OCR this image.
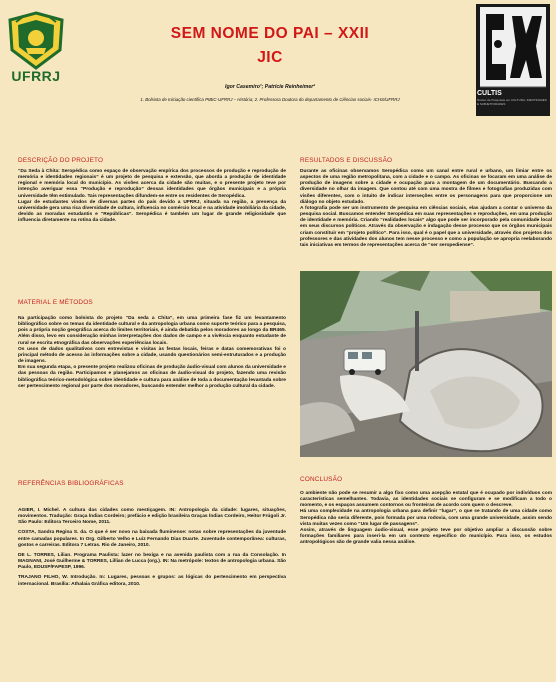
UFRRJ
CULTIS
Núcleo de Pesquisas em CULTURA, IDENTIDADES E SUBJETIVIDADES
SEM NOME DO PAI – XXII
JIC
Igor Casemiro¹; Patrície Reinheimer²
1. Bolsista de Iniciação científica PIBIC-UFRRJ – História; 2. Professora Doutora do departamento de Ciências sociais- ICHS/UFRRJ
DESCRIÇÃO DO PROJETO

“Da Seda à Chita: Seropédica como espaço de observação empírica dos processos de produção e reprodução de memória e identidades regionais” é um projeto de pesquisa e extensão, que aborda a produção de identidade regional e memória local do município. As visões acerca da cidade são muitas, e o presente projeto teve por intenção averiguar essa “Produção e reprodução” dessas identidades que órgãos municipais e a própria universidade têm estimulado. Tais representações difundem-se entre os residentes de Seropédica.

Lugar de estudantes vindos de diversas partes do país devido a UFRRJ, situada na região, a presença da universidade gera uma rica diversidade de cultura, influencia no comércio local e na atividade imobiliária da cidade, devido as moradas estudantis e “Repúblicas”. Seropédica é também um lugar de grande religiosidade que influencia diretamente na rotina da cidade.

MATERIAL E MÉTODOS

Na participação como bolsista do projeto “Da seda a Chita”, em uma primeira fase fiz um levantamento bibliográfico sobre os temas da identidade cultural e da antropologia urbana como suporte teórico para a pesquisa, pois a própria noção geográfica acerca do limites territoriais, é ainda debatida pelos moradores ao longo da BR465. Além disso, levo em consideração minhas interpretações dos dados de campo e a vivência enquanto estudante de rural se escrita etnográfica das observações experiências locais.

Os usos de dados qualitativos com entrevistas e visitas às festas locais, feiras e datas comemorativas foi o principal método de acesso às informações sobre a cidade, usando questionários semi-estruturados e a produção de imagens.

Em sua segunda etapa, o presente projeto realizou oficinas de produção áudio-visual com alunos da universidade e das pessoas da região. Participamos e planejamos as oficinas de áudio-visual do projeto, fazendo uma revisão bibliográfica teórico-metodológica sobre identidade e cultura para análise de toda a documentação levantada sobre ser pertencimento regional por parte dos moradores, buscando entender melhor a produção cultural da cidade.

REFERÊNCIAS BIBLIOGRÁFICAS

AGIER, I. Michel. A cultura das cidades como mestiçagem. IN: Antropologia da cidade: lugares, situações, movimentos. Tradução: Graça Índias Cordeiro; prefácio e edição brasileira Graças Índias Cordeiro, Heitor Frúgoli Jr. São Paulo: Editora Terceiro Nome, 2011.

COSTA, Sandra Regina S. da. O que é ser novo na baixada fluminense: notas sobre representações da juventude entre camadas populares. In Org. Gilberto Velho e Luiz Fernando Dias Duarte. Juventude contemporânea: culturas, gostos e carreiras. Editora 7 Letras. Rio de Janeiro, 2010.

DE L. TORRES, Lilian. Programa Paulista: lazer no bexiga e na avenida paulista com a rua da Consolação. In MAGNANI, José Guilherme & TORRES, Lillian de Lucca (org.). IN: Na metrópole: textos de antropologia urbana. São Paulo, EDUSP/FAPESP, 1996.

TRAJANO FILHO, W. Introdução. In: Lugares, pessoas e grupos: as lógicas do pertencimento em perspectiva internacional. Brasília: Athalaia Gráfica editora, 2010.

RESULTADOS E DISCUSSÃO

Durante as oficinas observamos Seropédica como um canal entre rural e urbano, um limiar entre os aspectos de uma região metropolitana, com a cidade e o campo. As oficinas se focaram em uma análise de produção de imagens sobre a cidade e ocupação para a montagem de um documentário. Buscando a diversidade no olhar da imagem. Que contou até com uma mostra de filmes e fotografias produzidas com visões diferentes, com o intuito de indicar interseções entre os personagens para que proporcione um diálogo no objeto estudado.

A fotografia pode ser um instrumento de pesquisa em ciências sociais, elas ajudam a contar o universo da pesquisa social. Buscamos entender Seropédica em suas representações e reproduções, em uma produção de identidade e memória. Criando “realidades locais” algo que pode ser incorporado pela comunidade local em seus discursos políticos. Através da observação e indagação desse processo que os órgãos municipais criam constituir em “projeto político”. Para isso, qual é o papel que a universidade, através dos projetos dos professores e das atividades dos alunos tem nesse processo e como a população se apropria reelaborando tais iniciativas em termos de representações acerca de “ser seropediense”.

CONCLUSÃO

O ambiente não pode se resumir a algo fixo como uma acepção estatal que é ocupado por indivíduos com características semelhantes. Todavia, as identidades sociais se configuram e se modificam a todo o momento, e os espaços assumem contornos ou fronteiras de acordo com quem o descreve.

Há uma complexidade na antropologia urbana para definir “lugar”, o que se tratando de uma cidade como Seropédica não seria diferente, pois formada por uma rodovia, com uma grande universidade, assim sendo vista muitas vezes como “Um lugar de passagens”.

Assim, através de linguagem áudio-visual, esse projeto teve por objetivo ampliar a discussão sobre formações familiares para inseri-la em um contexto específico do município. Para isso, os estudos antropológicos são de grande valia nessa análise.
